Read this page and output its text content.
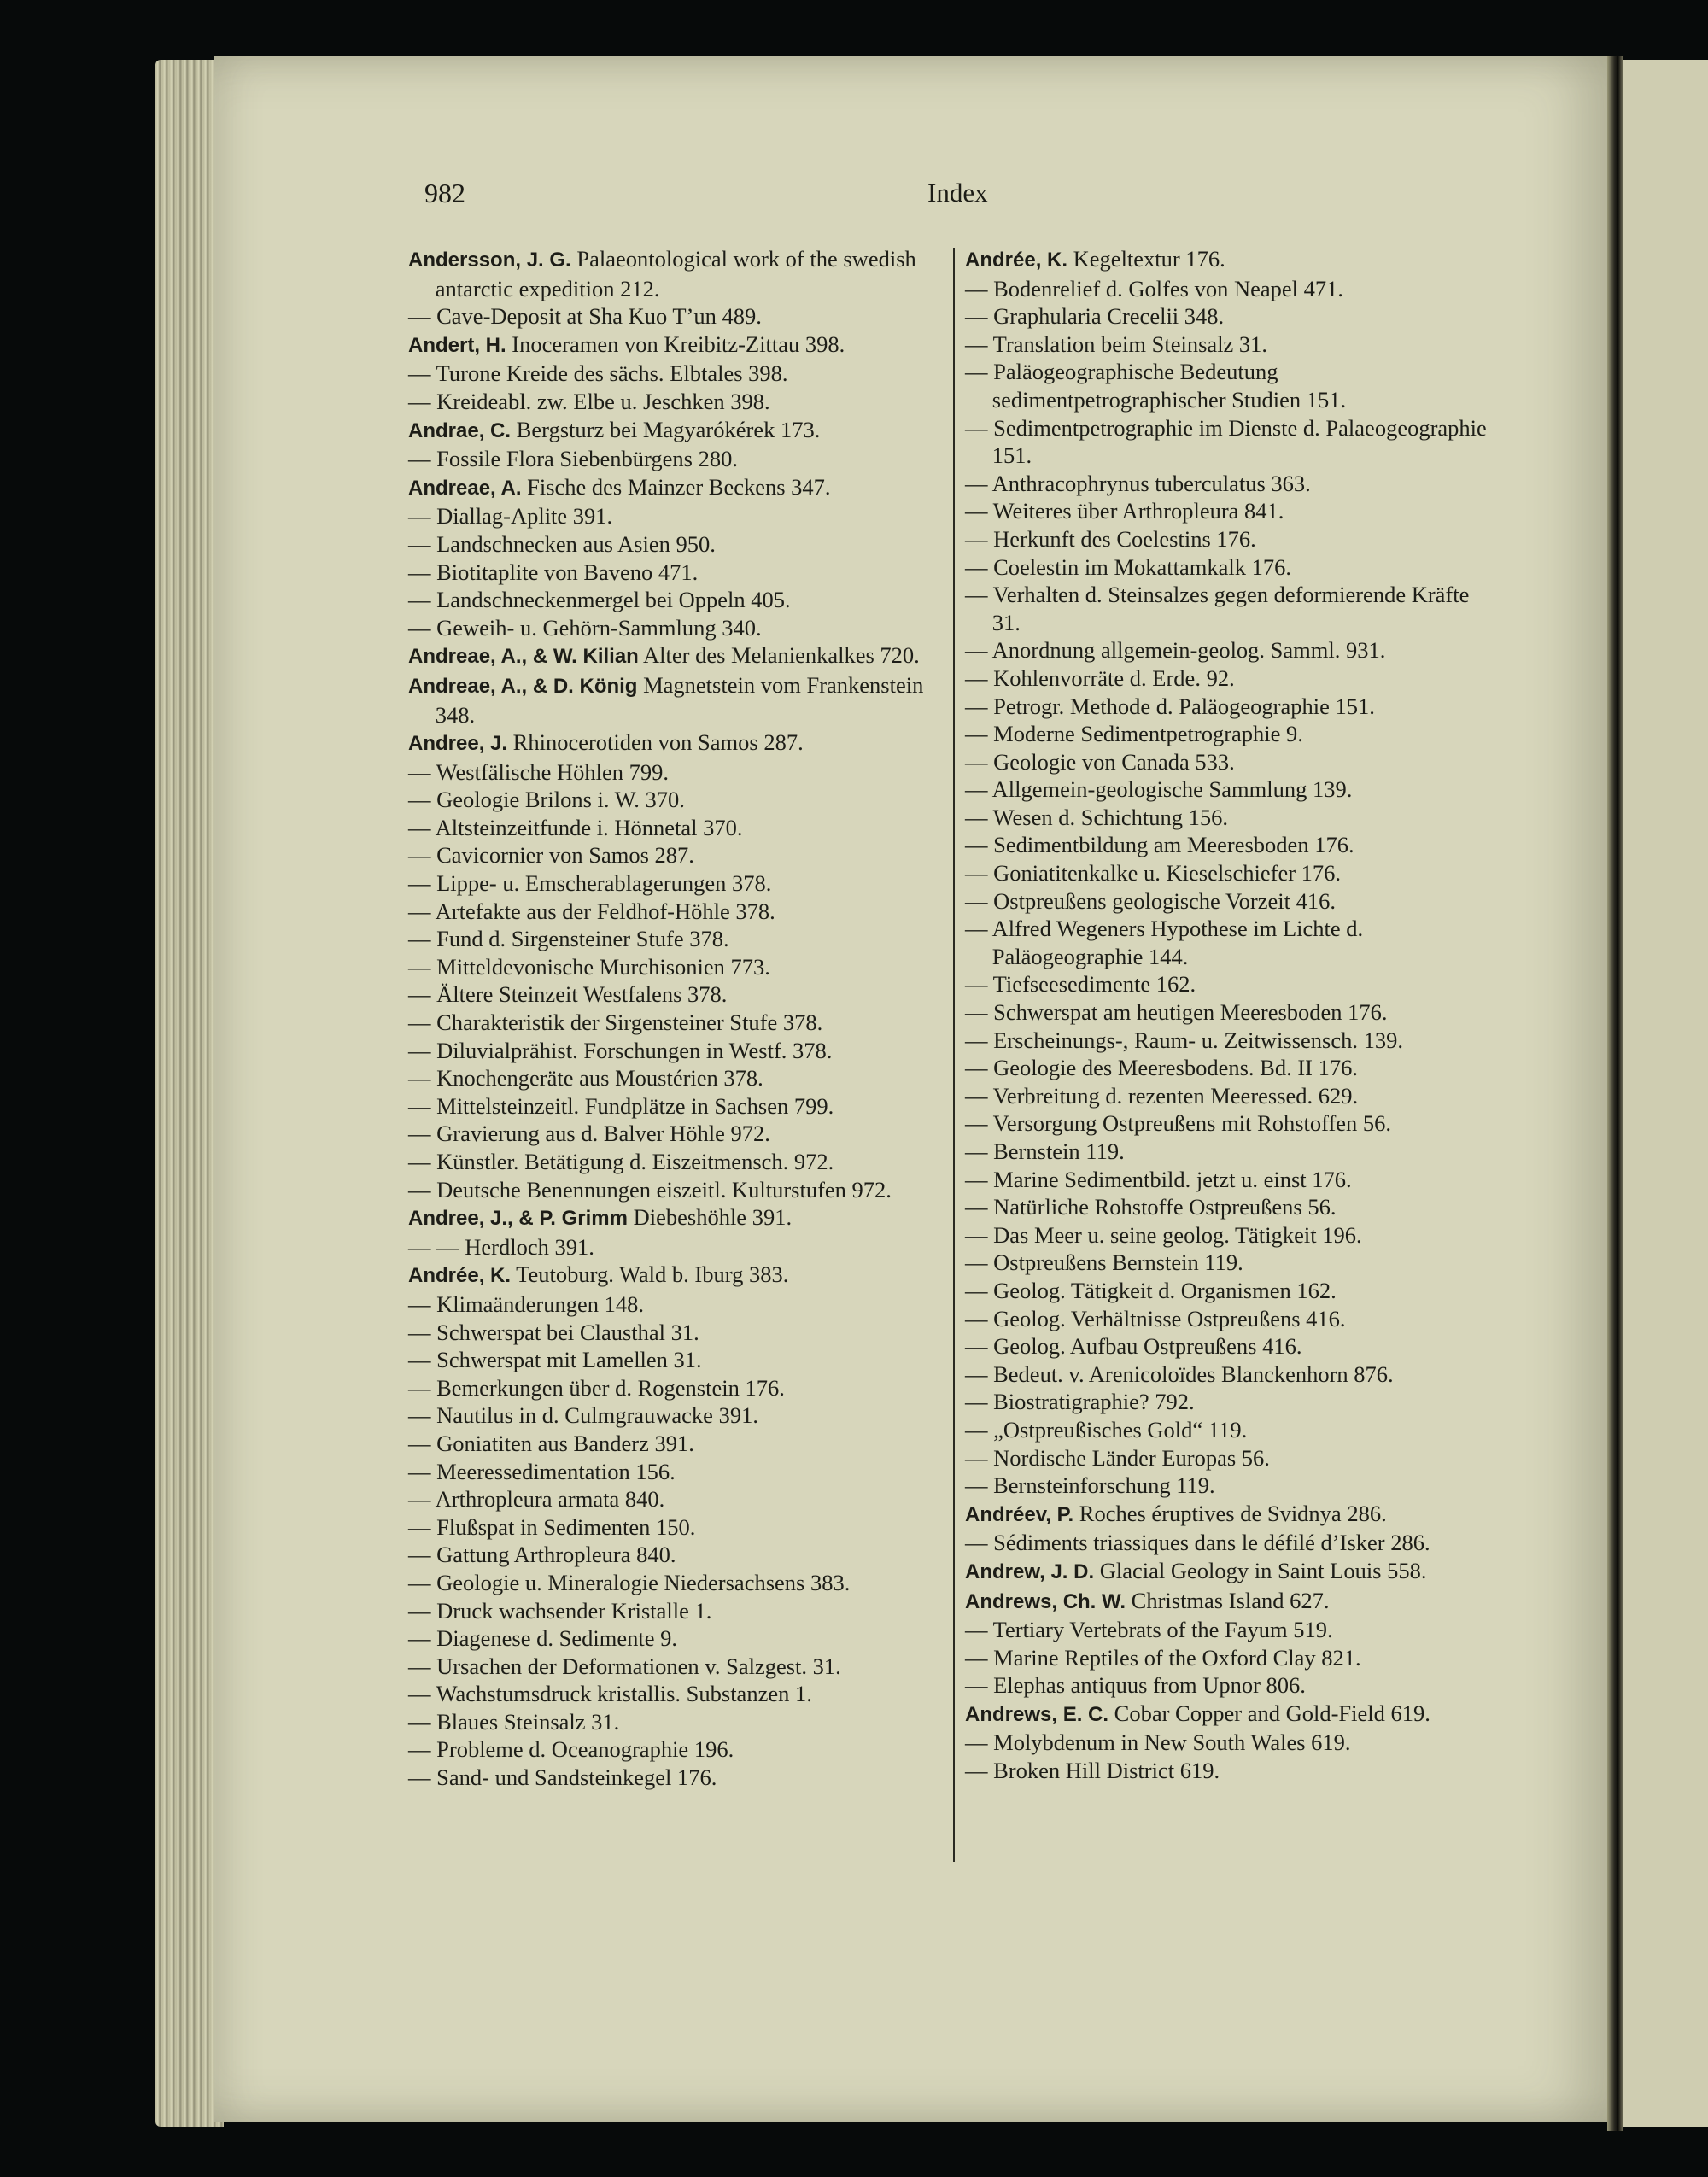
982	Index
Andersson, J. G. Palaeontological work of the swedish antarctic expedition 212.
— Cave-Deposit at Sha Kuo T’un 489.
Andert, H. Inoceramen von Kreibitz-Zittau 398.
— Turone Kreide des sächs. Elbtales 398.
— Kreideabl. zw. Elbe u. Jeschken 398.
Andrae, C. Bergsturz bei Magyarókérek 173.
— Fossile Flora Siebenbürgens 280.
Andreae, A. Fische des Mainzer Beckens 347.
— Diallag-Aplite 391.
— Landschnecken aus Asien 950.
— Biotitaplite von Baveno 471.
— Landschneckenmergel bei Oppeln 405.
— Geweih- u. Gehörn-Sammlung 340.
Andreae, A., & W. Kilian Alter des Melanienkalkes 720.
Andreae, A., & D. König Magnetstein vom Frankenstein 348.
Andree, J. Rhinocerotiden von Samos 287.
— Westfälische Höhlen 799.
— Geologie Brilons i. W. 370.
— Altsteinzeitfunde i. Hönnetal 370.
— Cavicornier von Samos 287.
— Lippe- u. Emscherablagerungen 378.
— Artefakte aus der Feldhof-Höhle 378.
— Fund d. Sirgensteiner Stufe 378.
— Mitteldevonische Murchisonien 773.
— Ältere Steinzeit Westfalens 378.
— Charakteristik der Sirgensteiner Stufe 378.
— Diluvialprähist. Forschungen in Westf. 378.
— Knochengeräte aus Moustérien 378.
— Mittelsteinzeitl. Fundplätze in Sachsen 799.
— Gravierung aus d. Balver Höhle 972.
— Künstler. Betätigung d. Eiszeitmensch. 972.
— Deutsche Benennungen eiszeitl. Kulturstufen 972.
Andree, J., & P. Grimm Diebeshöhle 391.
— — Herdloch 391.
Andrée, K. Teutoburg. Wald b. Iburg 383.
— Klimaänderungen 148.
— Schwerspat bei Clausthal 31.
— Schwerspat mit Lamellen 31.
— Bemerkungen über d. Rogenstein 176.
— Nautilus in d. Culmgrauwacke 391.
— Goniatiten aus Banderz 391.
— Meeressedimentation 156.
— Arthropleura armata 840.
— Flußspat in Sedimenten 150.
— Gattung Arthropleura 840.
— Geologie u. Mineralogie Niedersachsens 383.
— Druck wachsender Kristalle 1.
— Diagenese d. Sedimente 9.
— Ursachen der Deformationen v. Salzgest. 31.
— Wachstumsdruck kristallis. Substanzen 1.
— Blaues Steinsalz 31.
— Probleme d. Oceanographie 196.
— Sand- und Sandsteinkegel 176.
Andrée, K. Kegeltextur 176.
— Bodenrelief d. Golfes von Neapel 471.
— Graphularia Crecelii 348.
— Translation beim Steinsalz 31.
— Paläogeographische Bedeutung sedimentpetrographischer Studien 151.
— Sedimentpetrographie im Dienste d. Palaeogeographie 151.
— Anthracophrynus tuberculatus 363.
— Weiteres über Arthropleura 841.
— Herkunft des Coelestins 176.
— Coelestin im Mokattamkalk 176.
— Verhalten d. Steinsalzes gegen deformierende Kräfte 31.
— Anordnung allgemein-geolog. Samml. 931.
— Kohlenvorräte d. Erde. 92.
— Petrogr. Methode d. Paläogeographie 151.
— Moderne Sedimentpetrographie 9.
— Geologie von Canada 533.
— Allgemein-geologische Sammlung 139.
— Wesen d. Schichtung 156.
— Sedimentbildung am Meeresboden 176.
— Goniatitenkalke u. Kieselschiefer 176.
— Ostpreußens geologische Vorzeit 416.
— Alfred Wegeners Hypothese im Lichte d. Paläogeographie 144.
— Tiefseesedimente 162.
— Schwerspat am heutigen Meeresboden 176.
— Erscheinungs-, Raum- u. Zeitwissensch. 139.
— Geologie des Meeresbodens. Bd. II 176.
— Verbreitung d. rezenten Meeressed. 629.
— Versorgung Ostpreußens mit Rohstoffen 56.
— Bernstein 119.
— Marine Sedimentbild. jetzt u. einst 176.
— Natürliche Rohstoffe Ostpreußens 56.
— Das Meer u. seine geolog. Tätigkeit 196.
— Ostpreußens Bernstein 119.
— Geolog. Tätigkeit d. Organismen 162.
— Geolog. Verhältnisse Ostpreußens 416.
— Geolog. Aufbau Ostpreußens 416.
— Bedeut. v. Arenicoloïdes Blanckenhorn 876.
— Biostratigraphie? 792.
— „Ostpreußisches Gold“ 119.
— Nordische Länder Europas 56.
— Bernsteinforschung 119.
Andréev, P. Roches éruptives de Svidnya 286.
— Sédiments triassiques dans le défilé d’Isker 286.
Andrew, J. D. Glacial Geology in Saint Louis 558.
Andrews, Ch. W. Christmas Island 627.
— Tertiary Vertebrats of the Fayum 519.
— Marine Reptiles of the Oxford Clay 821.
— Elephas antiquus from Upnor 806.
Andrews, E. C. Cobar Copper and Gold-Field 619.
— Molybdenum in New South Wales 619.
— Broken Hill District 619.
